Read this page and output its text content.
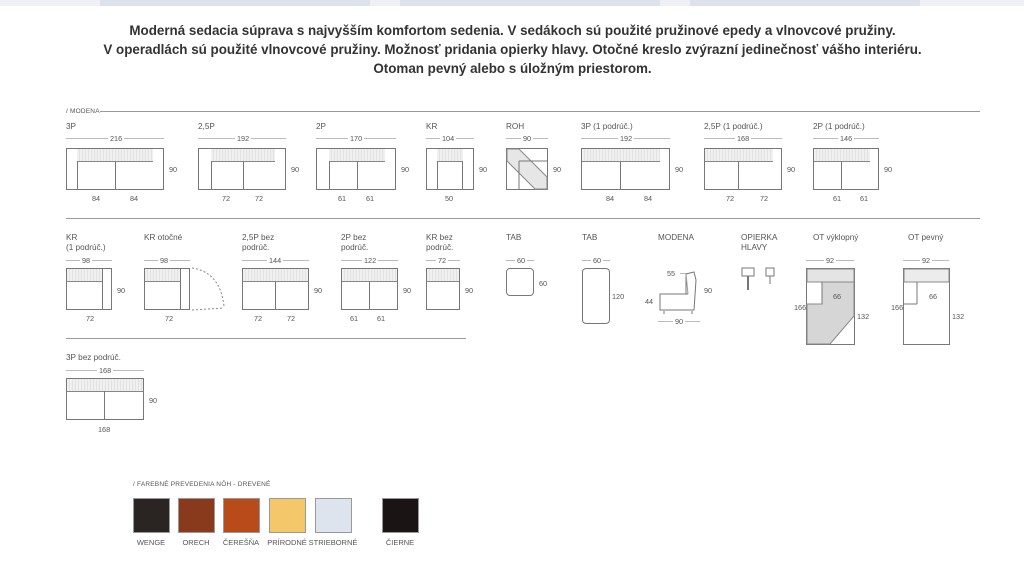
Moderná sedacia súprava s najvyšším komfortom sedenia. V sedákoch sú použité pružinové epedy a vlnovcové pružiny.
V operadlách sú použité vlnovcové pružiny. Možnosť pridania opierky hlavy. Otočné kreslo zvýrazní jedinečnosť vášho interiéru.
Otoman pevný alebo s úložným priestorom.
/ MODENA
3P
216
90
84	84
2,5P
192
90
72	72
2P
170
90
61	61
KR
104
90
50
ROH
90
90
3P (1 podrúč.)
192
90
84	84
2,5P (1 podrúč.)
168
90
72	72
2P (1 podrúč.)
146
90
61	61
KR
(1 podrúč.)
98
90
72
KR otočné
98
72
2,5P bez
podrúč.
144
90
72	72
2P bez
podrúč.
122
90
61	61
KR bez
podrúč.
72
90
TAB
60
60
TAB
60
120
MODENA
55
44
90
90
OPIERKA
HLAVY
OT výklopný
92
66
166
132
OT pevný
92
66
166
132
3P bez podrúč.
168
90
168
/ FAREBNÉ PREVEDENIA NÔH - DREVENÉ
WENGE	ORECH	ČEREŠŇA	PRÍRODNÉ STRIEBORNÉ	ČIERNE
